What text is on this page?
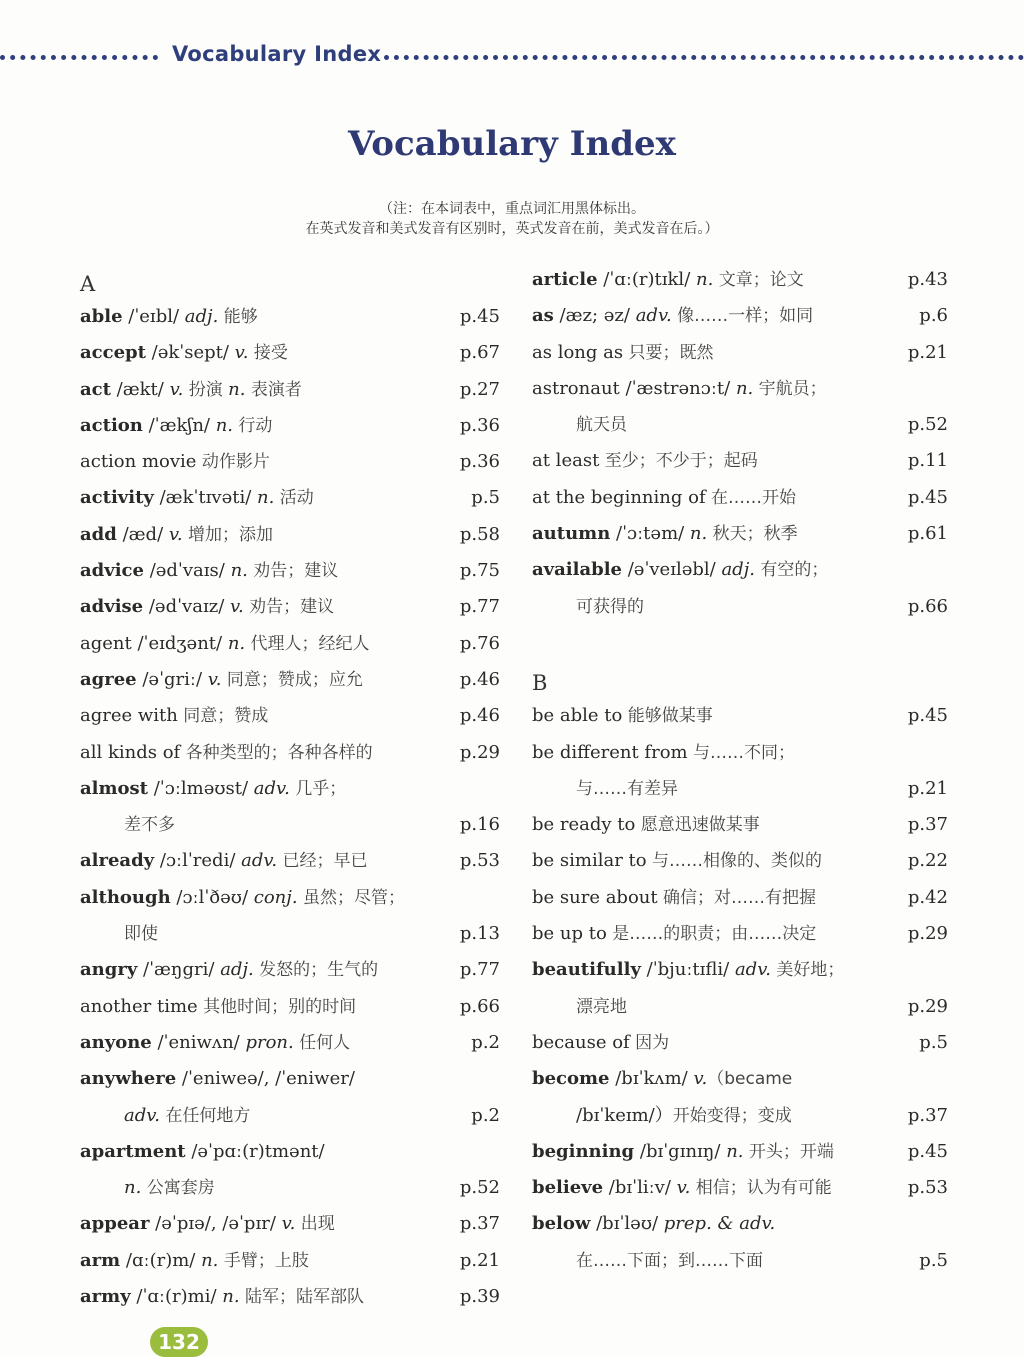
Vocabulary Index
Vocabulary Index
（注：在本词表中，重点词汇用黑体标出。
在英式发音和美式发音有区别时，英式发音在前，美式发音在后。）
A
able /ˈeɪbl/ adj. 能够	p.45
accept /əkˈsept/ v. 接受	p.67
act /ækt/ v. 扮演 n. 表演者	p.27
action /ˈækʃn/ n. 行动	p.36
action movie 动作影片	p.36
activity /ækˈtɪvəti/ n. 活动	p.5
add /æd/ v. 增加；添加	p.58
advice /ədˈvaɪs/ n. 劝告；建议	p.75
advise /ədˈvaɪz/ v. 劝告；建议	p.77
agent /ˈeɪdʒənt/ n. 代理人；经纪人	p.76
agree /əˈgriː/ v. 同意；赞成；应允	p.46
agree with 同意；赞成	p.46
all kinds of 各种类型的；各种各样的	p.29
almost /ˈɔːlməʊst/ adv. 几乎；
差不多	p.16
already /ɔːlˈredi/ adv. 已经；早已	p.53
although /ɔːlˈðəʊ/ conj. 虽然；尽管；
即使	p.13
angry /ˈæŋgri/ adj. 发怒的；生气的	p.77
another time 其他时间；别的时间	p.66
anyone /ˈeniwʌn/ pron. 任何人	p.2
anywhere /ˈeniweə/, /ˈeniwer/
adv. 在任何地方	p.2
apartment /əˈpɑː(r)tmənt/
n. 公寓套房	p.52
appear /əˈpɪə/, /əˈpɪr/ v. 出现	p.37
arm /ɑː(r)m/ n. 手臂；上肢	p.21
army /ˈɑː(r)mi/ n. 陆军；陆军部队	p.39
article /ˈɑː(r)tɪkl/ n. 文章；论文	p.43
as /æz; əz/ adv. 像……一样；如同	p.6
as long as 只要；既然	p.21
astronaut /ˈæstrənɔːt/ n. 宇航员；
航天员	p.52
at least 至少；不少于；起码	p.11
at the beginning of 在……开始	p.45
autumn /ˈɔːtəm/ n. 秋天；秋季	p.61
available /əˈveɪləbl/ adj. 有空的；
可获得的	p.66
B
be able to 能够做某事	p.45
be different from 与……不同；
与……有差异	p.21
be ready to 愿意迅速做某事	p.37
be similar to 与……相像的、类似的	p.22
be sure about 确信；对……有把握	p.42
be up to 是……的职责；由……决定	p.29
beautifully /ˈbjuːtɪfli/ adv. 美好地；
漂亮地	p.29
because of 因为	p.5
become /bɪˈkʌm/ v.（became
/bɪˈkeɪm/）开始变得；变成	p.37
beginning /bɪˈgɪnɪŋ/ n. 开头；开端	p.45
believe /bɪˈliːv/ v. 相信；认为有可能	p.53
below /bɪˈləʊ/ prep. & adv.
在……下面；到……下面	p.5
132
